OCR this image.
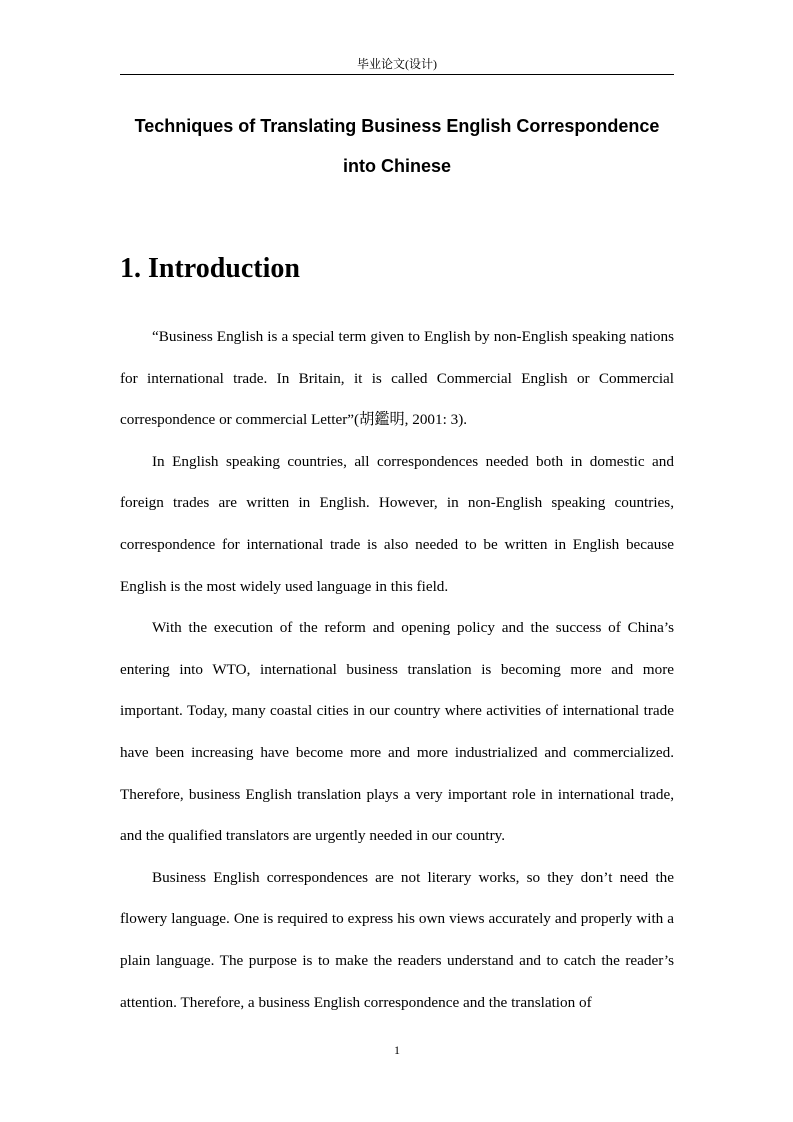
毕业论文(设计)
Techniques of Translating Business English Correspondence
into Chinese
1. Introduction

“Business English is a special term given to English by non-English speaking nations for international trade. In Britain, it is called Commercial English or Commercial correspondence or commercial Letter”(胡鑑明, 2001: 3).

In English speaking countries, all correspondences needed both in domestic and foreign trades are written in English. However, in non-English speaking countries, correspondence for international trade is also needed to be written in English because English is the most widely used language in this field.

With the execution of the reform and opening policy and the success of China’s entering into WTO, international business translation is becoming more and more important. Today, many coastal cities in our country where activities of international trade have been increasing have become more and more industrialized and commercialized. Therefore, business English translation plays a very important role in international trade, and the qualified translators are urgently needed in our country.

Business English correspondences are not literary works, so they don’t need the flowery language. One is required to express his own views accurately and properly with a plain language. The purpose is to make the readers understand and to catch the reader’s attention. Therefore, a business English correspondence and the translation of

1
